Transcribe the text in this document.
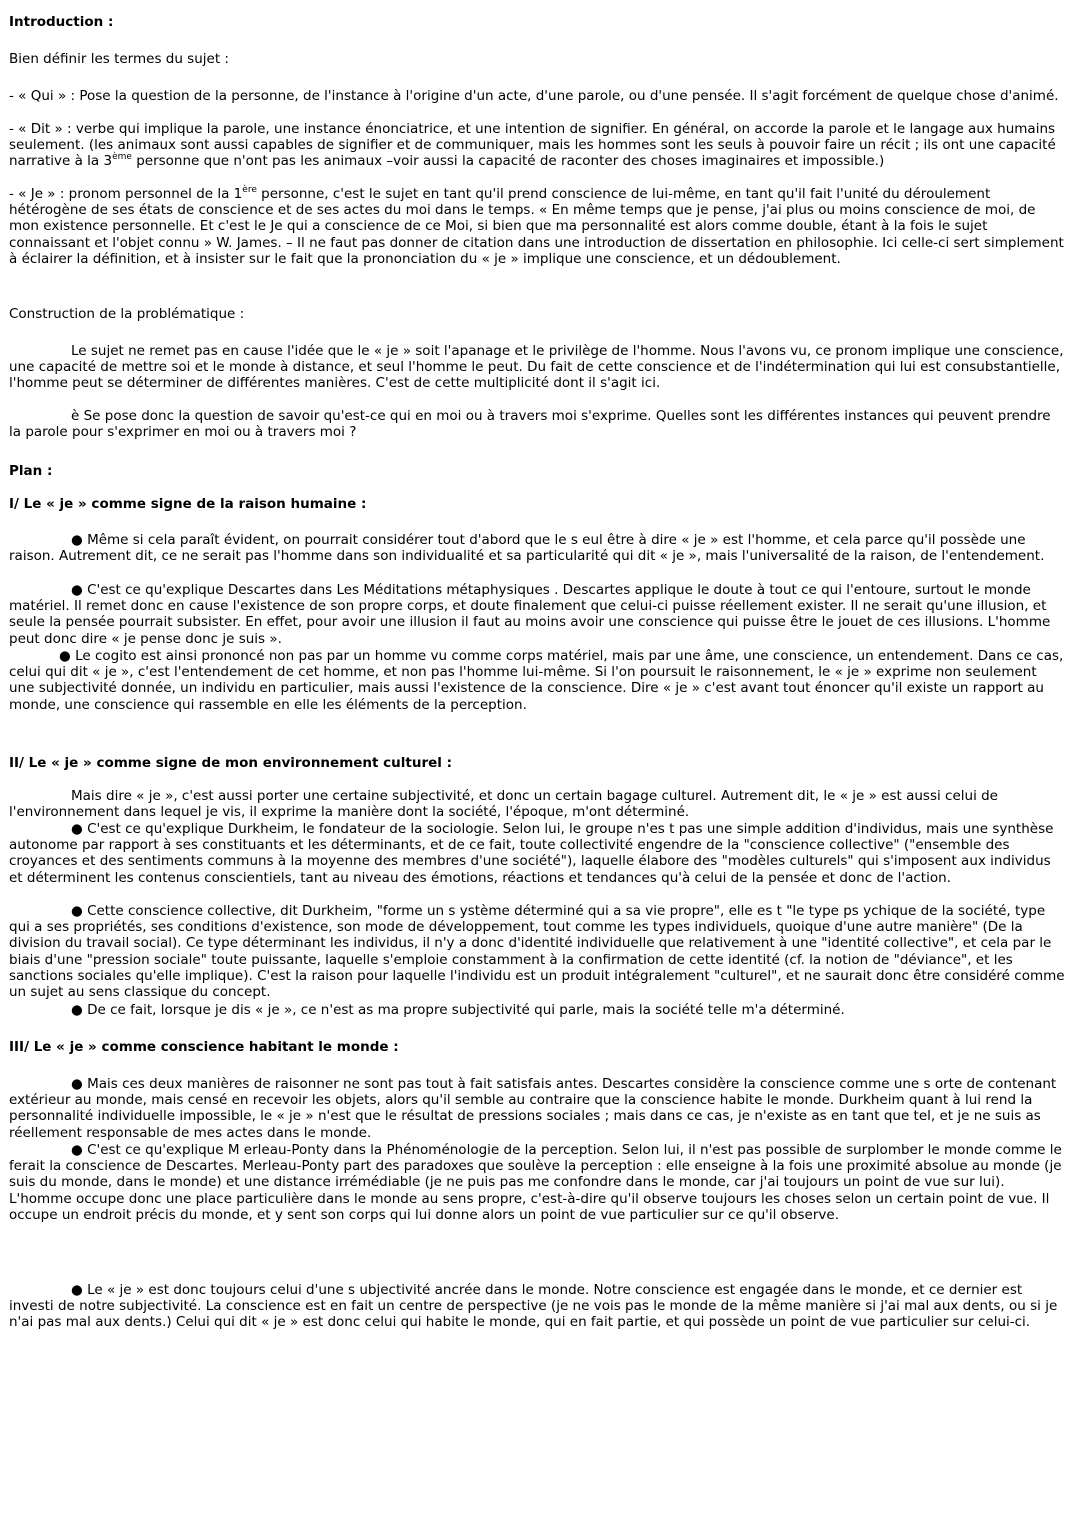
Introduction :

Bien définir les termes du sujet :

- « Qui » : Pose la question de la personne, de l'instance à l'origine d'un acte, d'une parole, ou d'une pensée. Il s'agit forcément de quelque chose d'animé.

- « Dit » : verbe qui implique la parole, une instance énonciatrice, et une intention de signifier. En général, on accorde la parole et le langage aux humains seulement. (les animaux sont aussi capables de signifier et de communiquer, mais les hommes sont les seuls à pouvoir faire un récit ; ils ont une capacité narrative à la 3ème personne que n'ont pas les animaux –voir aussi la capacité de raconter des choses imaginaires et impossible.)

- « Je » : pronom personnel de la 1ère personne, c'est le sujet en tant qu'il prend conscience de lui-même, en tant qu'il fait l'unité du déroulement hétérogène de ses états de conscience et de ses actes du moi dans le temps. « En même temps que je pense, j'ai plus ou moins conscience de moi, de mon existence personnelle. Et c'est le Je qui a conscience de ce Moi, si bien que ma personnalité est alors comme double, étant à la fois le sujet connaissant et l'objet connu » W. James. – Il ne faut pas donner de citation dans une introduction de dissertation en philosophie. Ici celle-ci sert simplement à éclairer la définition, et à insister sur le fait que la prononciation du « je » implique une conscience, et un dédoublement.

Construction de la problématique :

Le sujet ne remet pas en cause l'idée que le « je » soit l'apanage et le privilège de l'homme. Nous l'avons vu, ce pronom implique une conscience, une capacité de mettre soi et le monde à distance, et seul l'homme le peut. Du fait de cette conscience et de l'indétermination qui lui est consubstantielle, l'homme peut se déterminer de différentes manières. C'est de cette multiplicité dont il s'agit ici.

è Se pose donc la question de savoir qu'est-ce qui en moi ou à travers moi s'exprime. Quelles sont les différentes instances qui peuvent prendre la parole pour s'exprimer en moi ou à travers moi ?

Plan :

I/ Le « je » comme signe de la raison humaine :

● Même si cela paraît évident, on pourrait considérer tout d'abord que le s eul être à dire « je » est l'homme, et cela parce qu'il possède une raison. Autrement dit, ce ne serait pas l'homme dans son individualité et sa particularité qui dit « je », mais l'universalité de la raison, de l'entendement.

● C'est ce qu'explique Descartes dans Les Méditations métaphysiques . Descartes applique le doute à tout ce qui l'entoure, surtout le monde matériel. Il remet donc en cause l'existence de son propre corps, et doute finalement que celui-ci puisse réellement exister. Il ne serait qu'une illusion, et seule la pensée pourrait subsister. En effet, pour avoir une illusion il faut au moins avoir une conscience qui puisse être le jouet de ces illusions. L'homme peut donc dire « je pense donc je suis ».

● Le cogito est ainsi prononcé non pas par un homme vu comme corps matériel, mais par une âme, une conscience, un entendement. Dans ce cas, celui qui dit « je », c'est l'entendement de cet homme, et non pas l'homme lui-même. Si l'on poursuit le raisonnement, le « je » exprime non seulement une subjectivité donnée, un individu en particulier, mais aussi l'existence de la conscience. Dire « je » c'est avant tout énoncer qu'il existe un rapport au monde, une conscience qui rassemble en elle les éléments de la perception.

II/ Le « je » comme signe de mon environnement culturel :

Mais dire « je », c'est aussi porter une certaine subjectivité, et donc un certain bagage culturel. Autrement dit, le « je » est aussi celui de l'environnement dans lequel je vis, il exprime la manière dont la société, l'époque, m'ont déterminé.

● C'est ce qu'explique Durkheim, le fondateur de la sociologie. Selon lui, le groupe n'es t pas une simple addition d'individus, mais une synthèse autonome par rapport à ses constituants et les déterminants, et de ce fait, toute collectivité engendre de la "conscience collective" ("ensemble des croyances et des sentiments communs à la moyenne des membres d'une société"), laquelle élabore des "modèles culturels" qui s'imposent aux individus et déterminent les contenus conscientiels, tant au niveau des émotions, réactions et tendances qu'à celui de la pensée et donc de l'action.

● Cette conscience collective, dit Durkheim, "forme un s ystème déterminé qui a sa vie propre", elle es t "le type ps ychique de la société, type qui a ses propriétés, ses conditions d'existence, son mode de développement, tout comme les types individuels, quoique d'une autre manière" (De la division du travail social). Ce type déterminant les individus, il n'y a donc d'identité individuelle que relativement à une "identité collective", et cela par le biais d'une "pression sociale" toute puissante, laquelle s'emploie constamment à la confirmation de cette identité (cf. la notion de "déviance", et les sanctions sociales qu'elle implique). C'est la raison pour laquelle l'individu est un produit intégralement "culturel", et ne saurait donc être considéré comme un sujet au sens classique du concept.

● De ce fait, lorsque je dis « je », ce n'est as ma propre subjectivité qui parle, mais la société telle m'a déterminé.

III/ Le « je » comme conscience habitant le monde :

● Mais ces deux manières de raisonner ne sont pas tout à fait satisfais antes. Descartes considère la conscience comme une s orte de contenant extérieur au monde, mais censé en recevoir les objets, alors qu'il semble au contraire que la conscience habite le monde. Durkheim quant à lui rend la personnalité individuelle impossible, le « je » n'est que le résultat de pressions sociales ; mais dans ce cas, je n'existe as en tant que tel, et je ne suis as réellement responsable de mes actes dans le monde.

● C'est ce qu'explique M erleau-Ponty dans la Phénoménologie de la perception. Selon lui, il n'est pas possible de surplomber le monde comme le ferait la conscience de Descartes. Merleau-Ponty part des paradoxes que soulève la perception : elle enseigne à la fois une proximité absolue au monde (je suis du monde, dans le monde) et une distance irrémédiable (je ne puis pas me confondre dans le monde, car j'ai toujours un point de vue sur lui). L'homme occupe donc une place particulière dans le monde au sens propre, c'est-à-dire qu'il observe toujours les choses selon un certain point de vue. Il occupe un endroit précis du monde, et y sent son corps qui lui donne alors un point de vue particulier sur ce qu'il observe.

● Le « je » est donc toujours celui d'une s ubjectivité ancrée dans le monde. Notre conscience est engagée dans le monde, et ce dernier est investi de notre subjectivité. La conscience est en fait un centre de perspective (je ne vois pas le monde de la même manière si j'ai mal aux dents, ou si je n'ai pas mal aux dents.) Celui qui dit « je » est donc celui qui habite le monde, qui en fait partie, et qui possède un point de vue particulier sur celui-ci.
